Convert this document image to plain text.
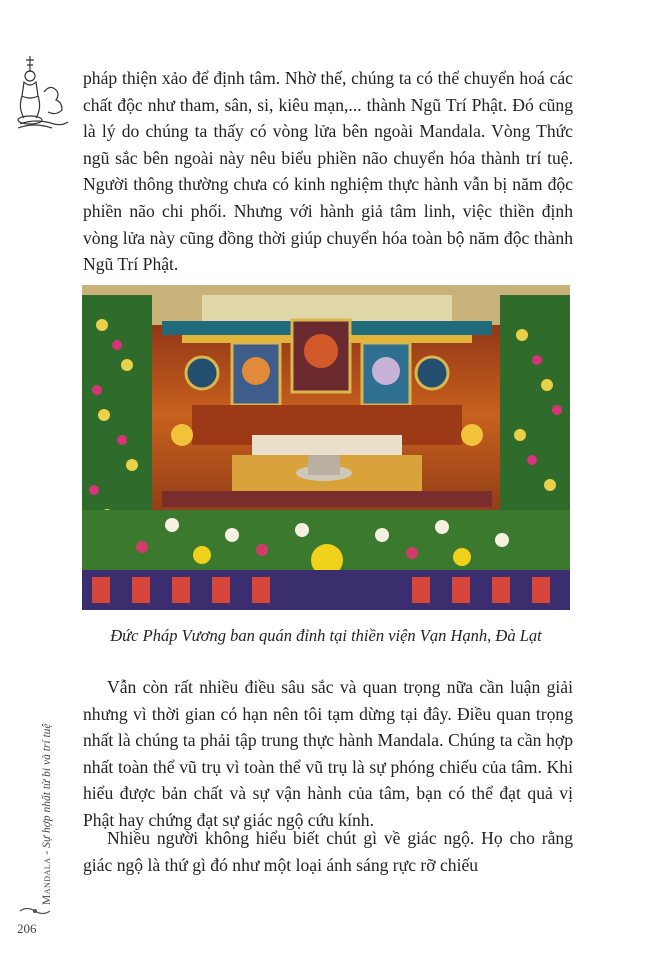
pháp thiện xảo để định tâm. Nhờ thế, chúng ta có thể chuyển hoá các chất độc như tham, sân, si, kiêu mạn,... thành Ngũ Trí Phật. Đó cũng là lý do chúng ta thấy có vòng lửa bên ngoài Mandala. Vòng Thức ngũ sắc bên ngoài này nêu biểu phiền não chuyển hóa thành trí tuệ. Người thông thường chưa có kinh nghiệm thực hành vẫn bị năm độc phiền não chi phối. Nhưng với hành giả tâm linh, việc thiền định vòng lửa này cũng đồng thời giúp chuyển hóa toàn bộ năm độc thành Ngũ Trí Phật.
Đức Pháp Vương ban quán đỉnh tại thiền viện Vạn Hạnh, Đà Lạt
Vẫn còn rất nhiều điều sâu sắc và quan trọng nữa cần luận giải nhưng vì thời gian có hạn nên tôi tạm dừng tại đây. Điều quan trọng nhất là chúng ta phải tập trung thực hành Mandala. Chúng ta cần hợp nhất toàn thể vũ trụ vì toàn thể vũ trụ là sự phóng chiếu của tâm. Khi hiểu được bản chất và sự vận hành của tâm, bạn có thể đạt quả vị Phật hay chứng đạt sự giác ngộ cứu kính.
Nhiều người không hiểu biết chút gì về giác ngộ. Họ cho rằng giác ngộ là thứ gì đó như một loại ánh sáng rực rỡ chiếu
Mandala - Sự hợp nhất từ bi và trí tuệ
206
